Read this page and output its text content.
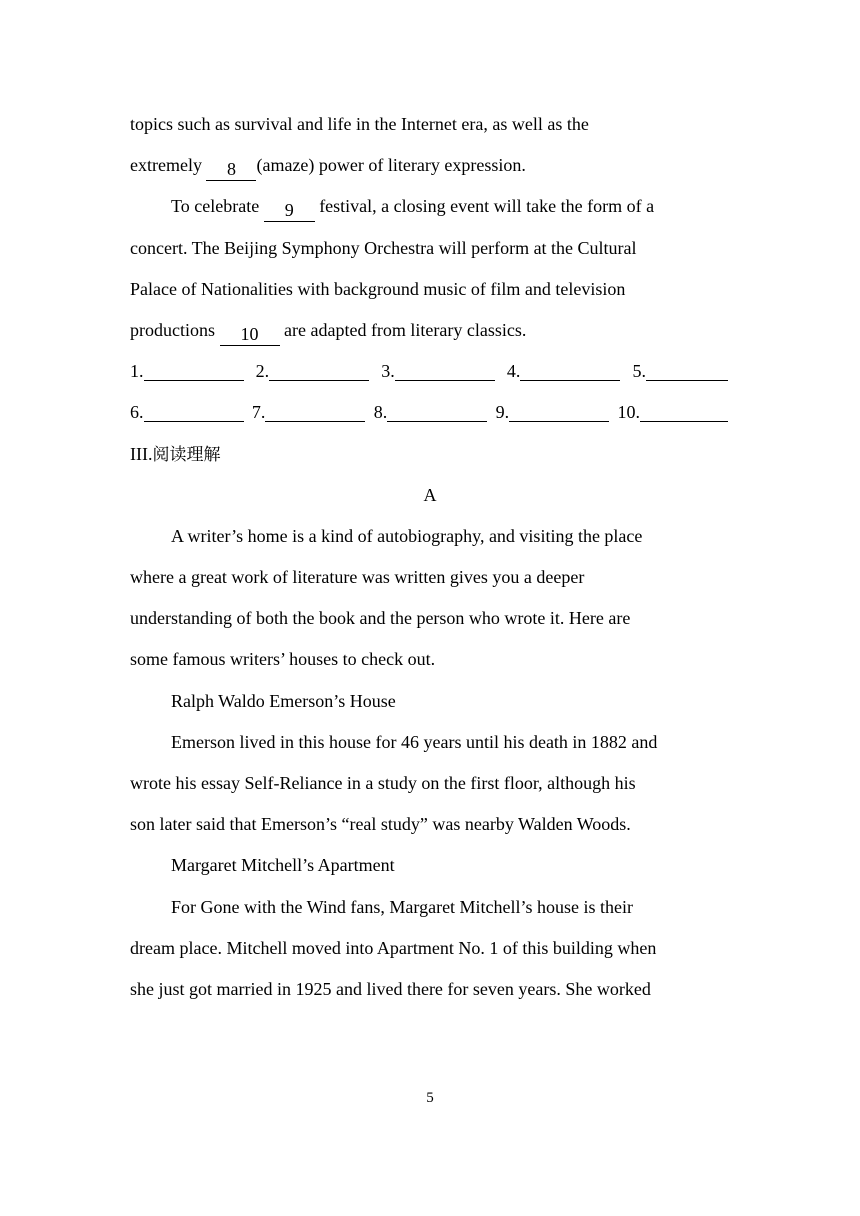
topics such as survival and life in the Internet era, as well as the
extremely 8 (amaze) power of literary expression.
To celebrate 9 festival, a closing event will take the form of a
concert. The Beijing Symphony Orchestra will perform at the Cultural
Palace of Nationalities with background music of film and television
productions 10 are adapted from literary classics.
1.	2.	3.	4.	5.
6.	7.	8.	9.	10.
III.阅读理解
A
A writer’s home is a kind of autobiography, and visiting the place
where a great work of literature was written gives you a deeper
understanding of both the book and the person who wrote it. Here are
some famous writers’ houses to check out.
Ralph Waldo Emerson’s House
Emerson lived in this house for 46 years until his death in 1882 and
wrote his essay Self-Reliance in a study on the first floor, although his
son later said that Emerson’s “real study” was nearby Walden Woods.
Margaret Mitchell’s Apartment
For Gone with the Wind fans, Margaret Mitchell’s house is their
dream place. Mitchell moved into Apartment No. 1 of this building when
she just got married in 1925 and lived there for seven years. She worked
5
